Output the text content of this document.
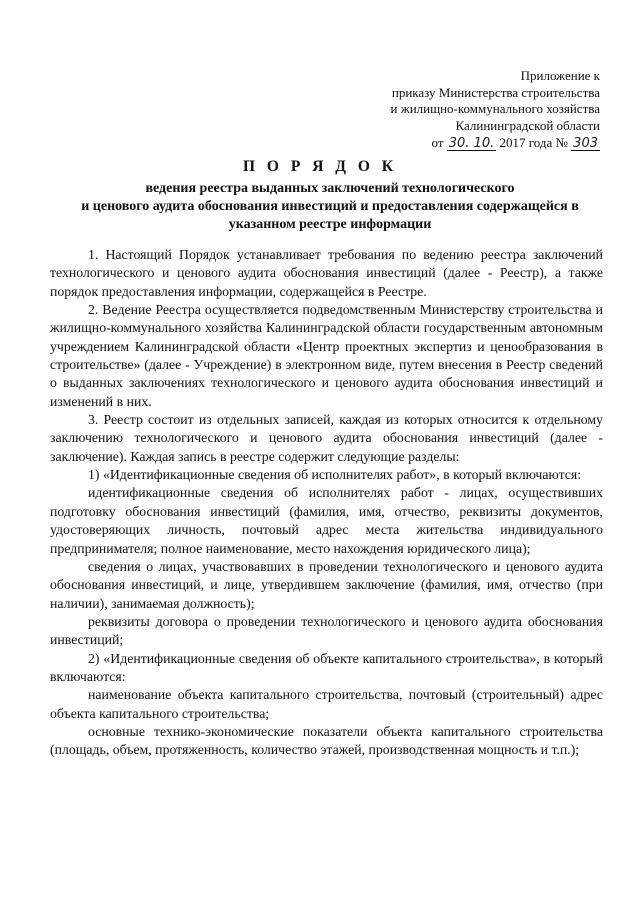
Приложение к
приказу Министерства строительства
и жилищно-коммунального хозяйства
Калининградской области
от 30. 10. 2017 года № 303
П О Р Я Д О К
ведения реестра выданных заключений технологического
и ценового аудита обоснования инвестиций и предоставления содержащейся в
указанном реестре информации

1. Настоящий Порядок устанавливает требования по ведению реестра заключений технологического и ценового аудита обоснования инвестиций (далее - Реестр), а также порядок предоставления информации, содержащейся в Реестре.

2. Ведение Реестра осуществляется подведомственным Министерству строительства и жилищно-коммунального хозяйства Калининградской области государственным автономным учреждением Калининградской области «Центр проектных экспертиз и ценообразования в строительстве» (далее - Учреждение) в электронном виде, путем внесения в Реестр сведений о выданных заключениях технологического и ценового аудита обоснования инвестиций и изменений в них.

3. Реестр состоит из отдельных записей, каждая из которых относится к отдельному заключению технологического и ценового аудита обоснования инвестиций (далее - заключение). Каждая запись в реестре содержит следующие разделы:

1) «Идентификационные сведения об исполнителях работ», в который включаются:

идентификационные сведения об исполнителях работ - лицах, осуществивших подготовку обоснования инвестиций (фамилия, имя, отчество, реквизиты документов, удостоверяющих личность, почтовый адрес места жительства индивидуального предпринимателя; полное наименование, место нахождения юридического лица);

сведения о лицах, участвовавших в проведении технологического и ценового аудита обоснования инвестиций, и лице, утвердившем заключение (фамилия, имя, отчество (при наличии), занимаемая должность);

реквизиты договора о проведении технологического и ценового аудита обоснования инвестиций;

2) «Идентификационные сведения об объекте капитального строительства», в который включаются:

наименование объекта капитального строительства, почтовый (строительный) адрес объекта капитального строительства;

основные технико-экономические показатели объекта капитального строительства (площадь, объем, протяженность, количество этажей, производственная мощность и т.п.);
